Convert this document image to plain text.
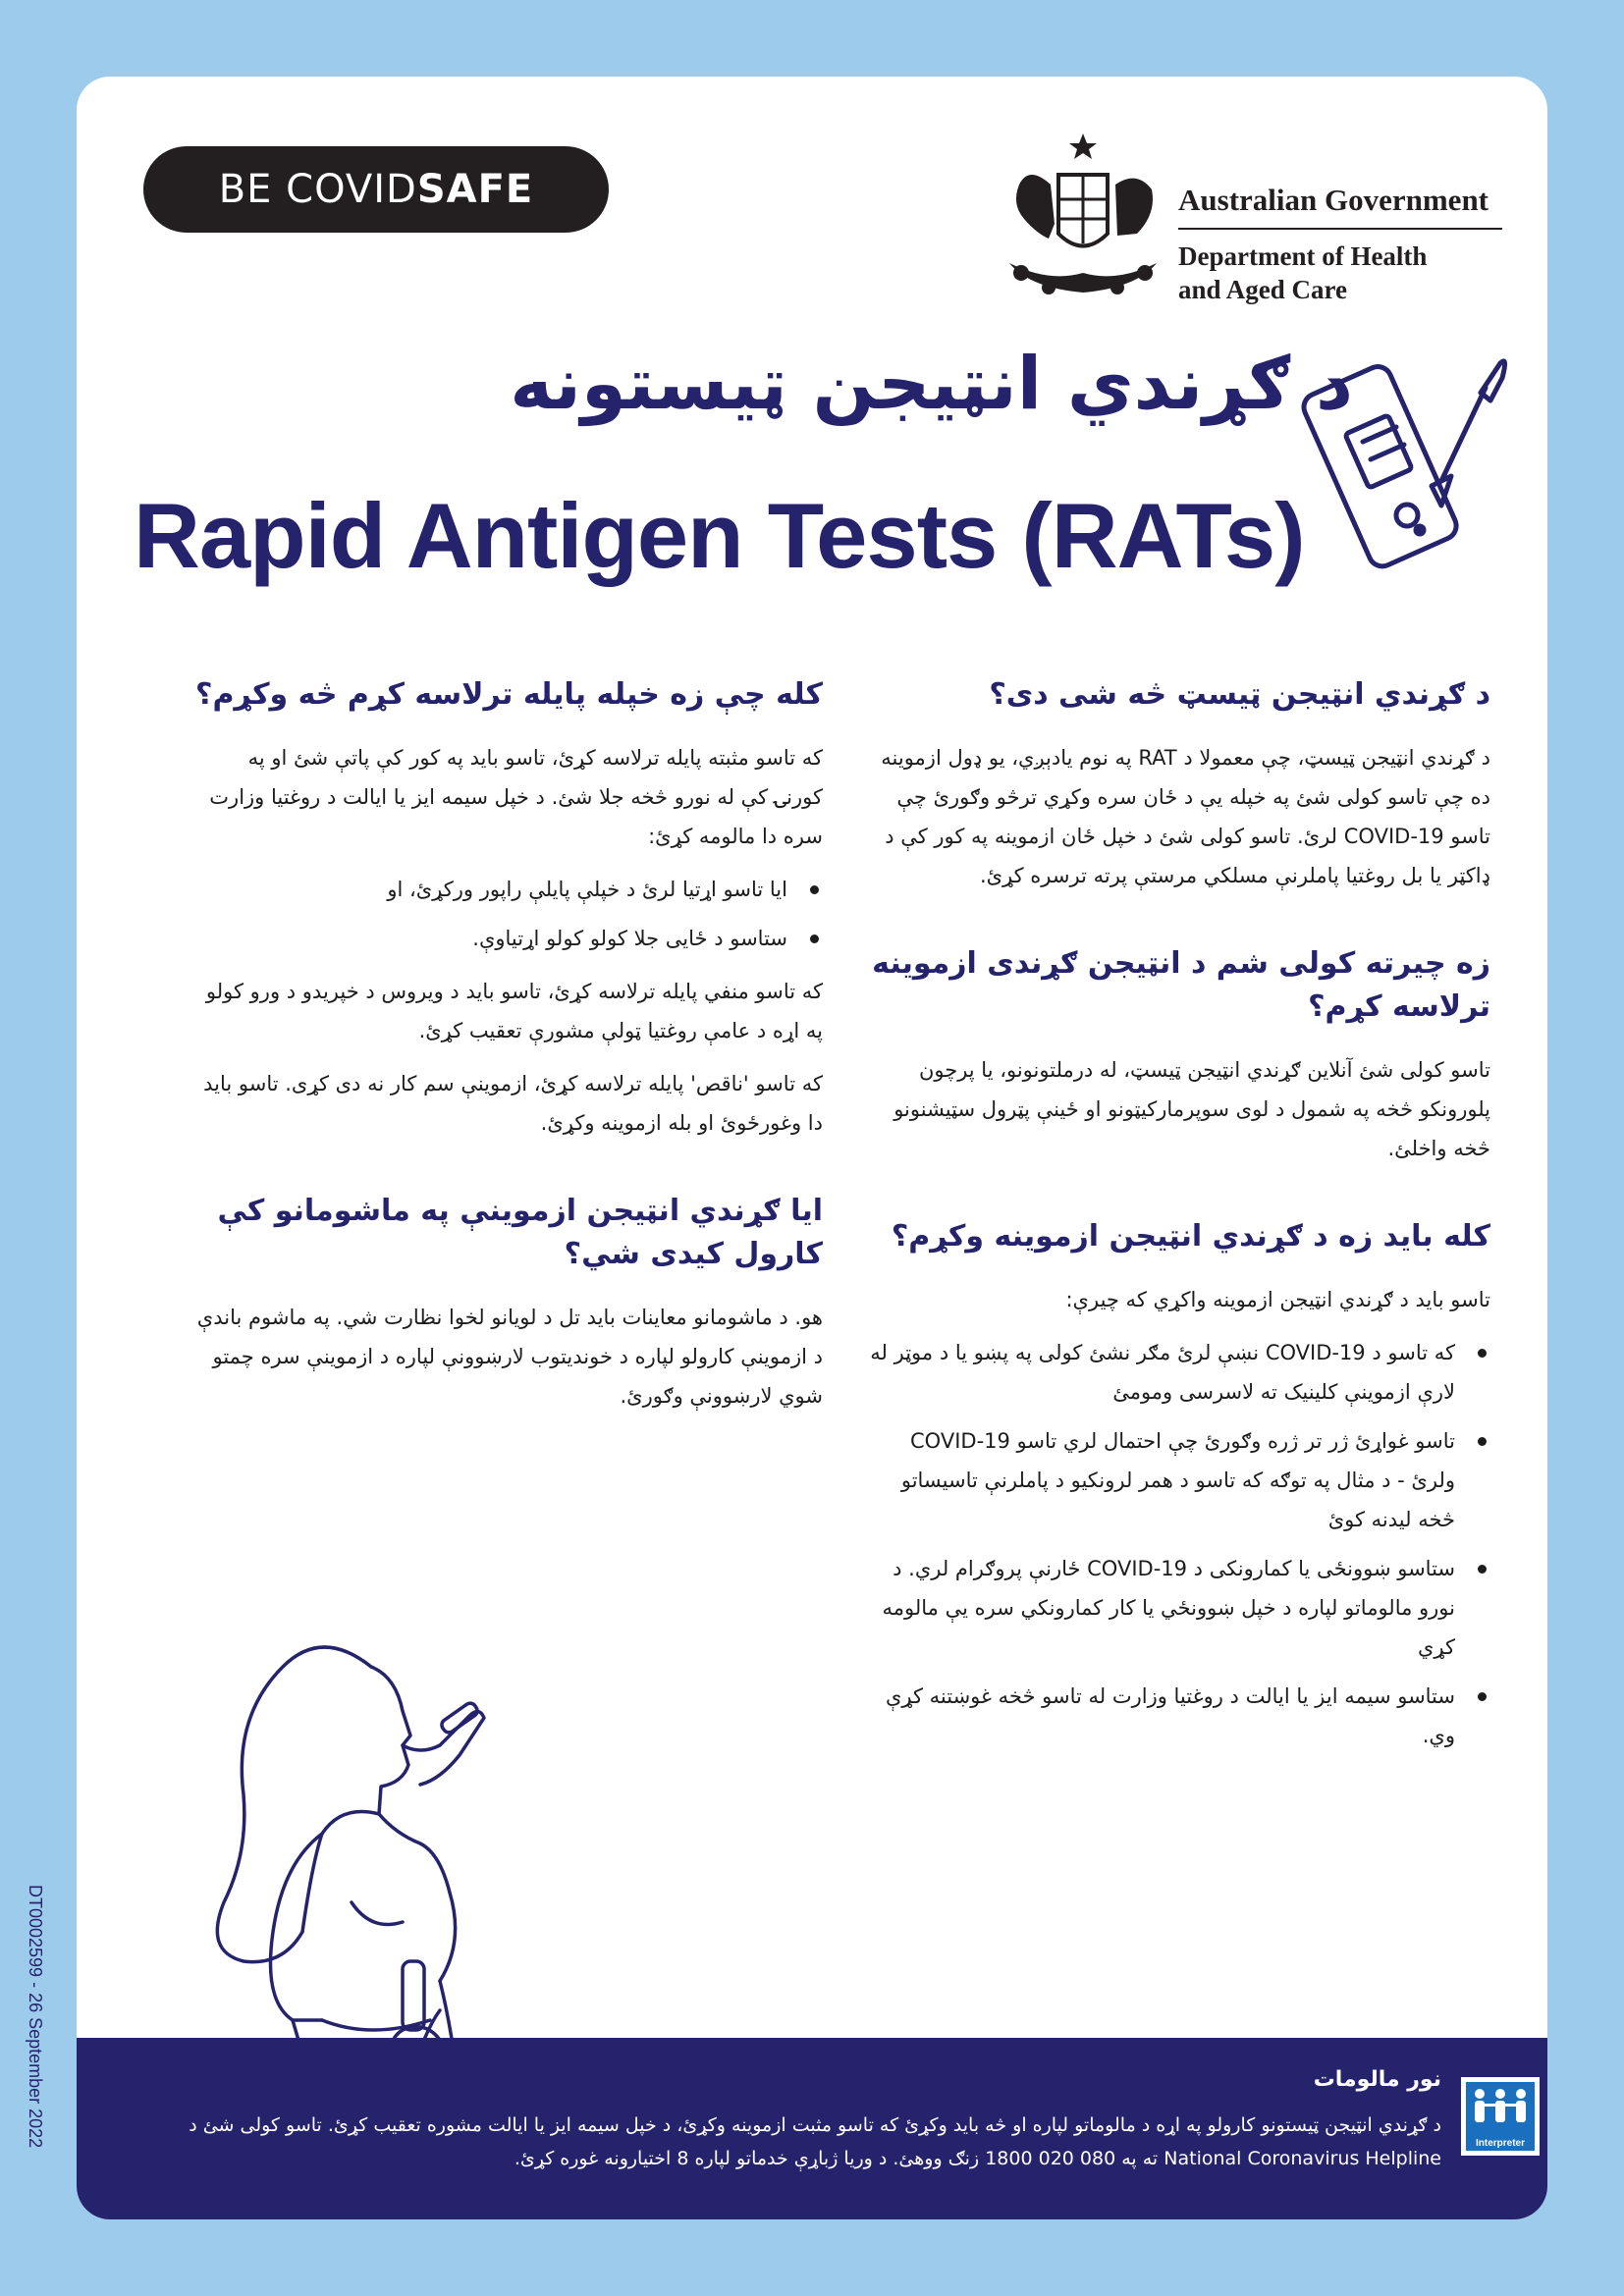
DT0002599 - 26 September 2022
BE COVIDSAFE	Australian Government
Department of Health
and Aged Care
د ګړندي انټيجن ټيستونه
Rapid Antigen Tests (RATs)
د ګړندي انټيجن ټيسټ څه شی دی؟

د ګړندي انټيجن ټيسټ، چې معمولا د RAT په نوم يادېږي، يو ډول ازموينه ده چې تاسو کولی شئ په خپله يې د ځان سره وکړي ترڅو وګورئ چې تاسو COVID-19 لرئ. تاسو کولی شئ د خپل ځان ازموينه په کور کې د ډاکټر يا بل روغتيا پاملرنې مسلکي مرستې پرته ترسره کړئ.

زه چيرته کولی شم د انټيجن ګړندی ازموينه ترلاسه کړم؟

تاسو کولی شئ آنلاين ګړندي انټيجن ټيسټ، له درملتونونو، يا پرچون پلورونکو څخه په شمول د لوی سوپرمارکيټونو او ځينې پټرول سټيشنونو څخه واخلئ.

کله بايد زه د ګړندي انټيجن ازموينه وکړم؟

تاسو بايد د ګړندي انټيجن ازموينه واکړي که چيرې:

که تاسو د COVID-19 نښې لرئ مګر نشئ کولی په پښو يا د موټر له لارې ازموينې کلينيک ته لاسرسی ومومئ
تاسو غواړئ ژر تر ژره وګورئ چې احتمال لري تاسو COVID-19 ولرئ - د مثال په توګه که تاسو د همر لرونکيو د پاملرنې تاسيساتو څخه ليدنه کوئ
ستاسو ښوونځی يا کمارونکی د COVID-19 ځارنې پروګرام لري. د نورو مالوماتو لپاره د خپل ښوونځي يا کار کمارونکي سره يې مالومه کړي
ستاسو سيمه ايز يا ايالت د روغتيا وزارت له تاسو څخه غوښتنه کړې وي.
کله چې زه خپله پايله ترلاسه کړم څه وکړم؟

که تاسو مثبته پايله ترلاسه کړئ، تاسو بايد په کور کې پاتې شئ او په کورنۍ کې له نورو څخه جلا شئ. د خپل سيمه ايز يا ايالت د روغتيا وزارت سره دا مالومه کړئ:

ايا تاسو اړتيا لرئ د خپلې پايلې راپور ورکړئ، او
ستاسو د ځايی جلا کولو کولو اړتياوې.

که تاسو منفي پايله ترلاسه کړئ، تاسو بايد د ويروس د خپريدو د ورو کولو په اړه د عامې روغتيا ټولې مشورې تعقيب کړئ.

که تاسو 'ناقص' پايله ترلاسه کړئ، ازموينې سم کار نه دی کړی. تاسو بايد دا وغورځوئ او بله ازموينه وکړئ.

ايا ګړندي انټيجن ازموينې په ماشومانو کې کارول کيدی شي؟

هو. د ماشومانو معاينات بايد تل د لويانو لخوا نظارت شي. په ماشوم باندې د ازموينې کارولو لپاره د خونديتوب لارښوونې لپاره د ازموينې سره چمتو شوي لارښوونې وګورئ.

نور مالومات
د ګړندي انټيجن ټيستونو کارولو په اړه د مالوماتو لپاره او څه بايد وکړئ که تاسو مثبت ازموينه وکړئ، د خپل سيمه ايز يا ايالت مشوره تعقيب کړئ. تاسو کولی شئ د National Coronavirus Helpline ته په 080 020 1800 زنګ ووهئ. د وريا ژباړې خدماتو لپاره 8 اختيارونه غوره کړئ.
Interpreter
